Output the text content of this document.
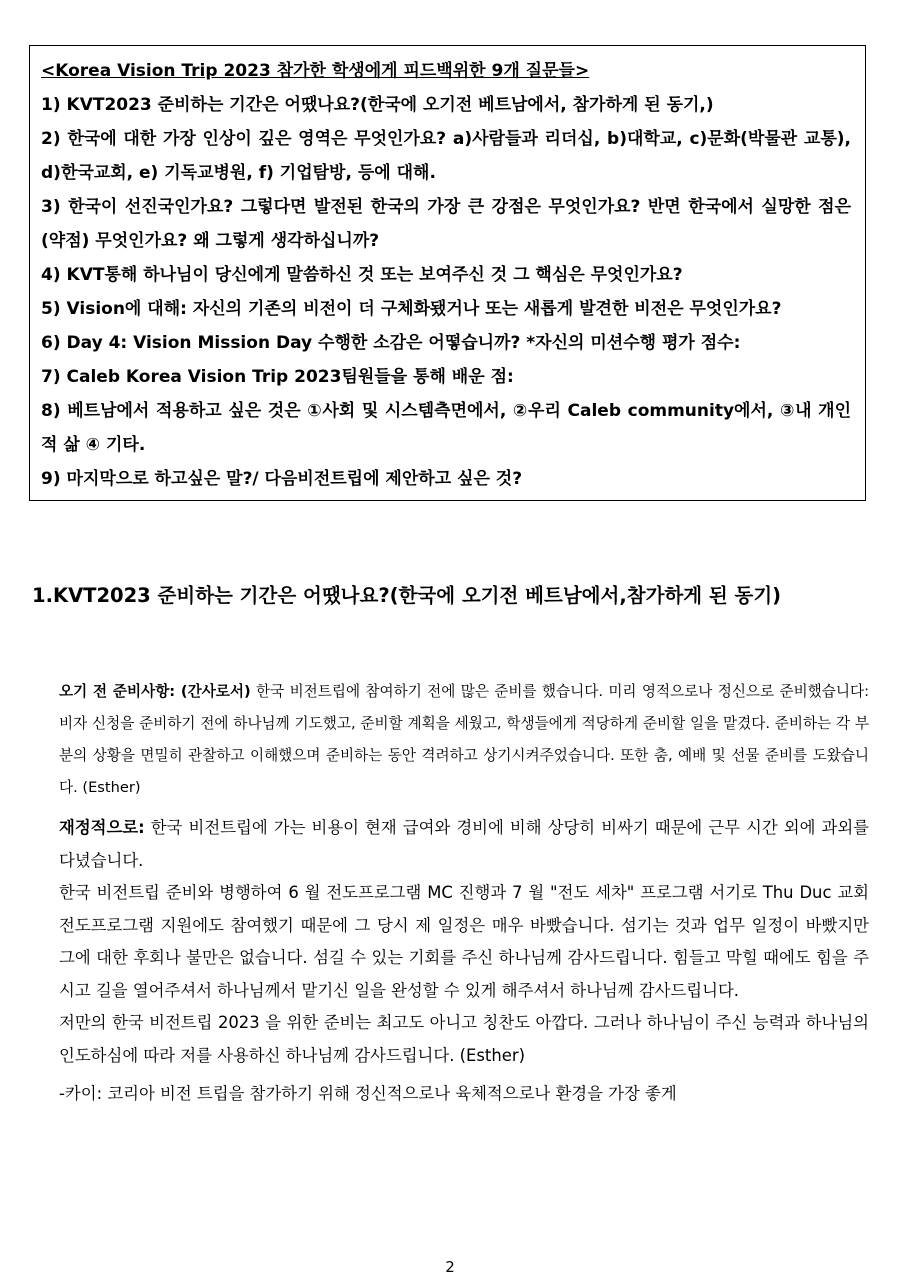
<Korea Vision Trip 2023 참가한 학생에게 피드백위한 9개 질문들>

1) KVT2023 준비하는 기간은 어땠나요?(한국에 오기전 베트남에서, 참가하게 된 동기,)

2) 한국에 대한 가장 인상이 깊은 영역은 무엇인가요? a)사람들과 리더십, b)대학교, c)문화(박물관 교통), d)한국교회, e) 기독교병원, f) 기업탐방, 등에 대해.

3) 한국이 선진국인가요? 그렇다면 발전된 한국의 가장 큰 강점은 무엇인가요? 반면 한국에서 실망한 점은(약점) 무엇인가요? 왜 그렇게 생각하십니까?

4) KVT통해 하나님이 당신에게 말씀하신 것 또는 보여주신 것 그 핵심은 무엇인가요?

5) Vision에 대해: 자신의 기존의 비전이 더 구체화됐거나 또는 새롭게 발견한 비전은 무엇인가요?

6) Day 4: Vision Mission Day 수행한 소감은 어떻습니까? *자신의 미션수행 평가 점수:

7) Caleb Korea Vision Trip 2023팀원들을 통해 배운 점:

8) 베트남에서 적용하고 싶은 것은 ①사회 및 시스템측면에서, ②우리 Caleb community에서, ③내 개인적 삶 ④ 기타.

9) 마지막으로 하고싶은 말?/ 다음비전트립에 제안하고 싶은 것?

1.KVT2023 준비하는 기간은 어땠나요?(한국에 오기전 베트남에서,참가하게 된 동기)

오기 전 준비사항: (간사로서) 한국 비전트립에 참여하기 전에 많은 준비를 했습니다. 미리 영적으로나 정신으로 준비했습니다: 비자 신청을 준비하기 전에 하나님께 기도했고, 준비할 계획을 세웠고, 학생들에게 적당하게 준비할 일을 맡겼다. 준비하는 각 부분의 상황을 면밀히 관찰하고 이해했으며 준비하는 동안 격려하고 상기시켜주었습니다. 또한 춤, 예배 및 선물 준비를 도왔습니다. (Esther)

재정적으로: 한국 비전트립에 가는 비용이 현재 급여와 경비에 비해 상당히 비싸기 때문에 근무 시간 외에 과외를 다녔습니다.

한국 비전트립 준비와 병행하여 6 월 전도프로그램 MC 진행과 7 월 "전도 세차" 프로그램 서기로 Thu Duc 교회 전도프로그램 지원에도 참여했기 때문에 그 당시 제 일정은 매우 바빴습니다. 섬기는 것과 업무 일정이 바빴지만 그에 대한 후회나 불만은 없습니다. 섬길 수 있는 기회를 주신 하나님께 감사드립니다. 힘들고 막힐 때에도 힘을 주시고 길을 열어주셔서 하나님께서 맡기신 일을 완성할 수 있게 해주셔서 하나님께 감사드립니다.

저만의 한국 비전트립 2023 을 위한 준비는 최고도 아니고 칭찬도 아깝다. 그러나 하나님이 주신 능력과 하나님의 인도하심에 따라 저를 사용하신 하나님께 감사드립니다. (Esther)

-카이: 코리아 비전 트립을 참가하기 위해 정신적으로나 육체적으로나 환경을 가장 좋게

2
